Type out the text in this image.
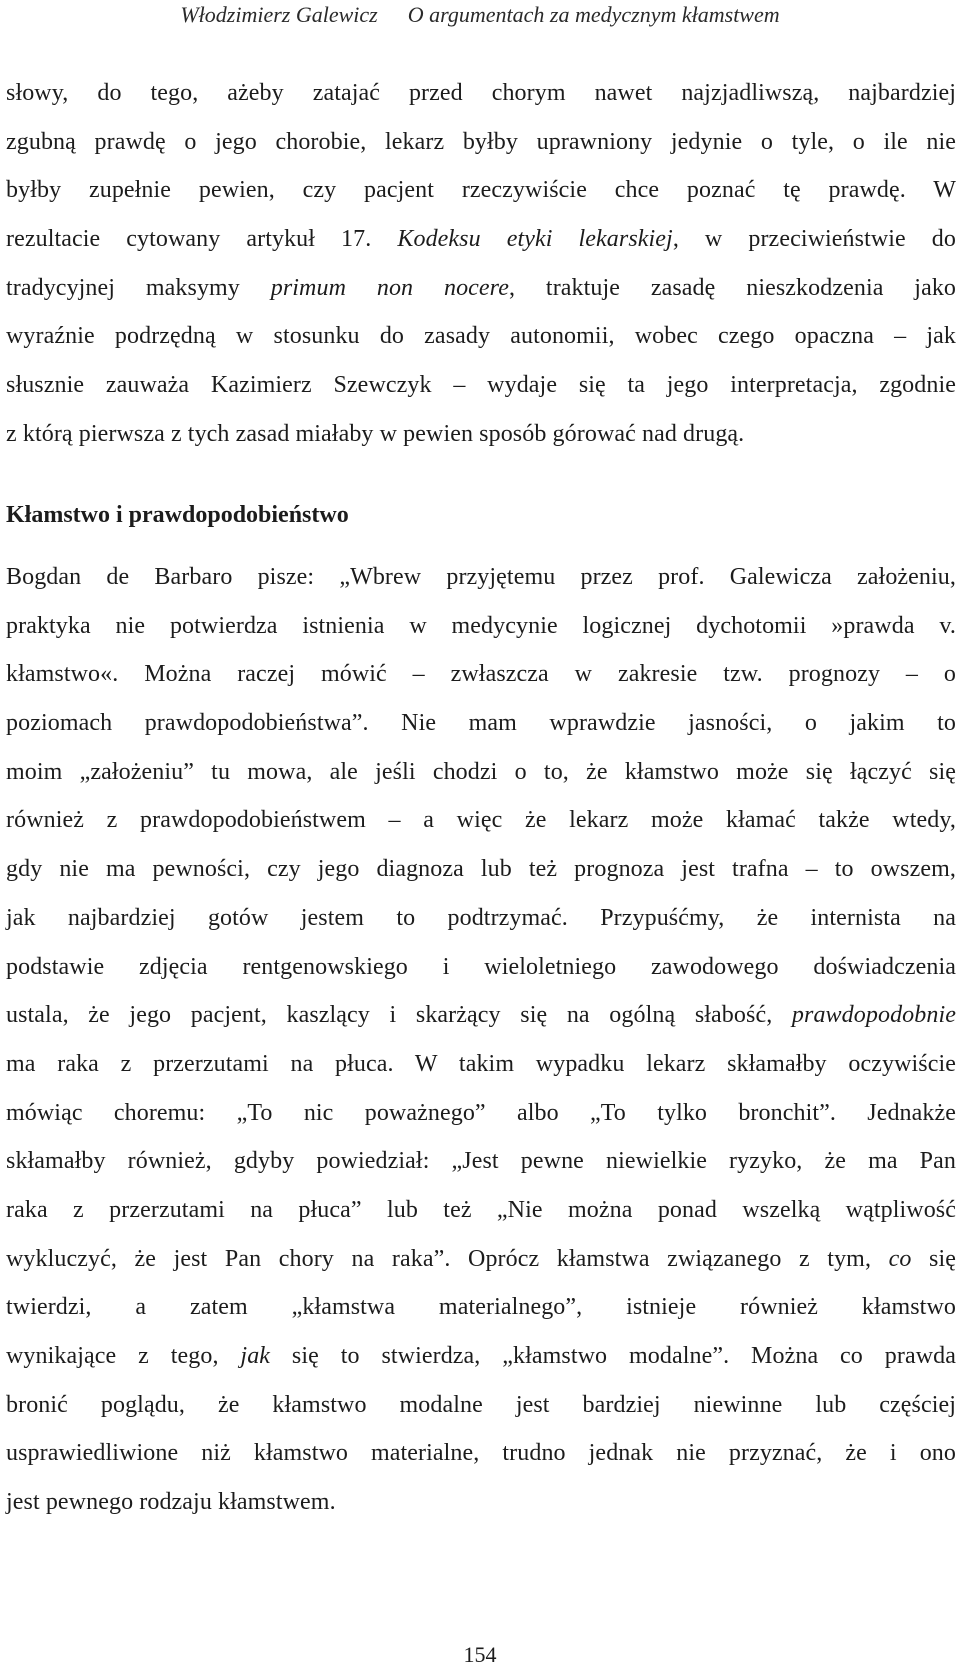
Włodzimierz Galewicz O argumentach za medycznym kłamstwem
słowy, do tego, ażeby zatajać przed chorym nawet najzjadliwszą, najbardziej
zgubną prawdę o jego chorobie, lekarz byłby uprawniony jedynie o tyle, o ile nie
byłby zupełnie pewien, czy pacjent rzeczywiście chce poznać tę prawdę. W
rezultacie cytowany artykuł 17. Kodeksu etyki lekarskiej, w przeciwieństwie do
tradycyjnej maksymy primum non nocere, traktuje zasadę nieszkodzenia jako
wyraźnie podrzędną w stosunku do zasady autonomii, wobec czego opaczna – jak
słusznie zauważa Kazimierz Szewczyk – wydaje się ta jego interpretacja, zgodnie
z którą pierwsza z tych zasad miałaby w pewien sposób górować nad drugą.
Kłamstwo i prawdopodobieństwo
Bogdan de Barbaro pisze: „Wbrew przyjętemu przez prof. Galewicza założeniu,
praktyka nie potwierdza istnienia w medycynie logicznej dychotomii »prawda v.
kłamstwo«. Można raczej mówić – zwłaszcza w zakresie tzw. prognozy – o
poziomach prawdopodobieństwa”. Nie mam wprawdzie jasności, o jakim to
moim „założeniu” tu mowa, ale jeśli chodzi o to, że kłamstwo może się łączyć się
również z prawdopodobieństwem – a więc że lekarz może kłamać także wtedy,
gdy nie ma pewności, czy jego diagnoza lub też prognoza jest trafna – to owszem,
jak najbardziej gotów jestem to podtrzymać. Przypuśćmy, że internista na
podstawie zdjęcia rentgenowskiego i wieloletniego zawodowego doświadczenia
ustala, że jego pacjent, kaszlący i skarżący się na ogólną słabość, prawdopodobnie
ma raka z przerzutami na płuca. W takim wypadku lekarz skłamałby oczywiście
mówiąc choremu: „To nic poważnego” albo „To tylko bronchit”. Jednakże
skłamałby również, gdyby powiedział: „Jest pewne niewielkie ryzyko, że ma Pan
raka z przerzutami na płuca” lub też „Nie można ponad wszelką wątpliwość
wykluczyć, że jest Pan chory na raka”. Oprócz kłamstwa związanego z tym, co się
twierdzi, a zatem „kłamstwa materialnego”, istnieje również kłamstwo
wynikające z tego, jak się to stwierdza, „kłamstwo modalne”. Można co prawda
bronić poglądu, że kłamstwo modalne jest bardziej niewinne lub częściej
usprawiedliwione niż kłamstwo materialne, trudno jednak nie przyznać, że i ono
jest pewnego rodzaju kłamstwem.
154
